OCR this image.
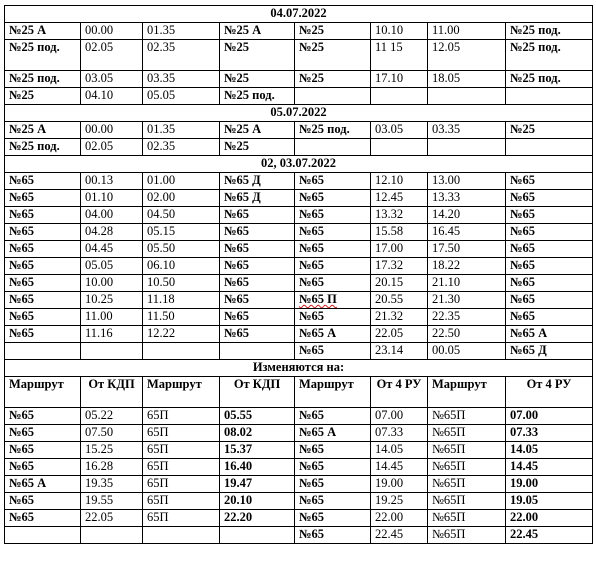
04.07.2022							
№25 А	00.00	01.35	№25 А	№25	10.10	11.00	№25 под.
№25 под.	02.05	02.35	№25	№25	11 15	12.05	№25 под.
№25 под.	03.05	03.35	№25	№25	17.10	18.05	№25 под.
№25	04.10	05.05	№25 под.				
05.07.2022							
№25 А	00.00	01.35	№25 А	№25 под.	03.05	03.35	№25
№25 под.	02.05	02.35	№25				
02, 03.07.2022							
№65	00.13	01.00	№65 Д	№65	12.10	13.00	№65
№65	01.10	02.00	№65 Д	№65	12.45	13.33	№65
№65	04.00	04.50	№65	№65	13.32	14.20	№65
№65	04.28	05.15	№65	№65	15.58	16.45	№65
№65	04.45	05.50	№65	№65	17.00	17.50	№65
№65	05.05	06.10	№65	№65	17.32	18.22	№65
№65	10.00	10.50	№65	№65	20.15	21.10	№65
№65	10.25	11.18	№65	№65 П	20.55	21.30	№65
№65	11.00	11.50	№65	№65	21.32	22.35	№65
№65	11.16	12.22	№65	№65 А	22.05	22.50	№65 А
				№65	23.14	00.05	№65 Д
Изменяются на:							
Маршрут	От КДП	Маршрут	От КДП	Маршрут	От 4 РУ	Маршрут	От 4 РУ
№65	05.22	65П	05.55	№65	07.00	№65П	07.00
№65	07.50	65П	08.02	№65 А	07.33	№65П	07.33
№65	15.25	65П	15.37	№65	14.05	№65П	14.05
№65	16.28	65П	16.40	№65	14.45	№65П	14.45
№65 А	19.35	65П	19.47	№65	19.00	№65П	19.00
№65	19.55	65П	20.10	№65	19.25	№65П	19.05
№65	22.05	65П	22.20	№65	22.00	№65П	22.00
				№65	22.45	№65П	22.45
